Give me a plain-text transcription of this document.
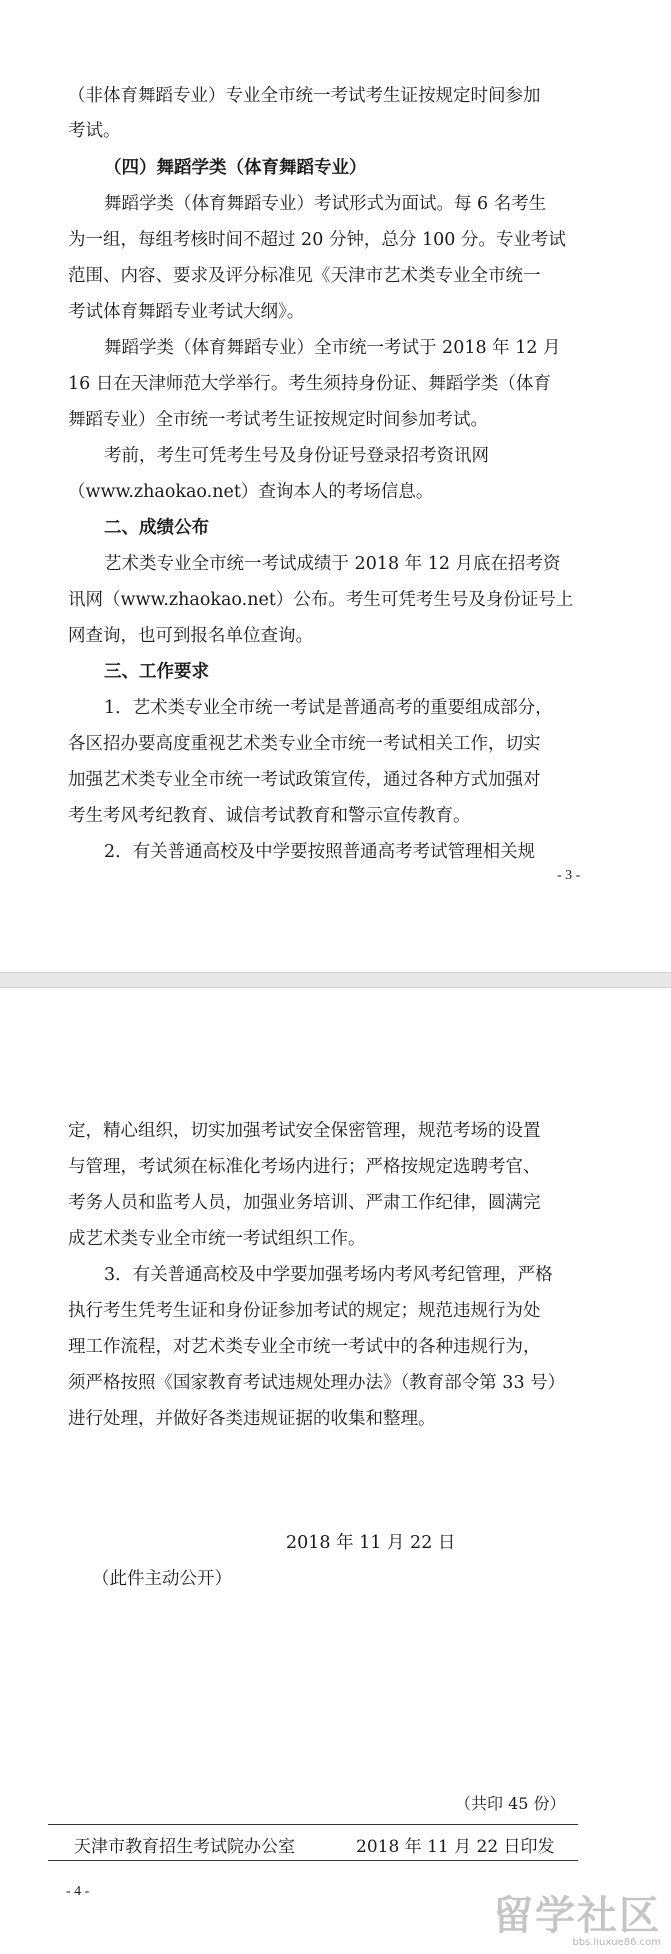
（非体育舞蹈专业）专业全市统一考试考生证按规定时间参加
考试。
（四）舞蹈学类（体育舞蹈专业）
舞蹈学类（体育舞蹈专业）考试形式为面试。每 6 名考生
为一组，每组考核时间不超过 20 分钟，总分 100 分。专业考试
范围、内容、要求及评分标准见《天津市艺术类专业全市统一
考试体育舞蹈专业考试大纲》。
舞蹈学类（体育舞蹈专业）全市统一考试于 2018 年 12 月
16 日在天津师范大学举行。考生须持身份证、舞蹈学类（体育
舞蹈专业）全市统一考试考生证按规定时间参加考试。
考前，考生可凭考生号及身份证号登录招考资讯网
（www.zhaokao.net）查询本人的考场信息。
二、成绩公布
艺术类专业全市统一考试成绩于 2018 年 12 月底在招考资
讯网（www.zhaokao.net）公布。考生可凭考生号及身份证号上
网查询，也可到报名单位查询。
三、工作要求
1．艺术类专业全市统一考试是普通高考的重要组成部分，
各区招办要高度重视艺术类专业全市统一考试相关工作，切实
加强艺术类专业全市统一考试政策宣传，通过各种方式加强对
考生考风考纪教育、诚信考试教育和警示宣传教育。
2．有关普通高校及中学要按照普通高考考试管理相关规
- 3 -
定，精心组织，切实加强考试安全保密管理，规范考场的设置
与管理，考试须在标准化考场内进行；严格按规定选聘考官、
考务人员和监考人员，加强业务培训、严肃工作纪律，圆满完
成艺术类专业全市统一考试组织工作。
3．有关普通高校及中学要加强考场内考风考纪管理，严格
执行考生凭考生证和身份证参加考试的规定；规范违规行为处
理工作流程，对艺术类专业全市统一考试中的各种违规行为，
须严格按照《国家教育考试违规处理办法》（教育部令第 33 号）
进行处理，并做好各类违规证据的收集和整理。
2018 年 11 月 22 日
（此件主动公开）
（共印 45 份）
天津市教育招生考试院办公室	2018 年 11 月 22 日印发
- 4 -
留学社区
bbs.liuxue86.com
